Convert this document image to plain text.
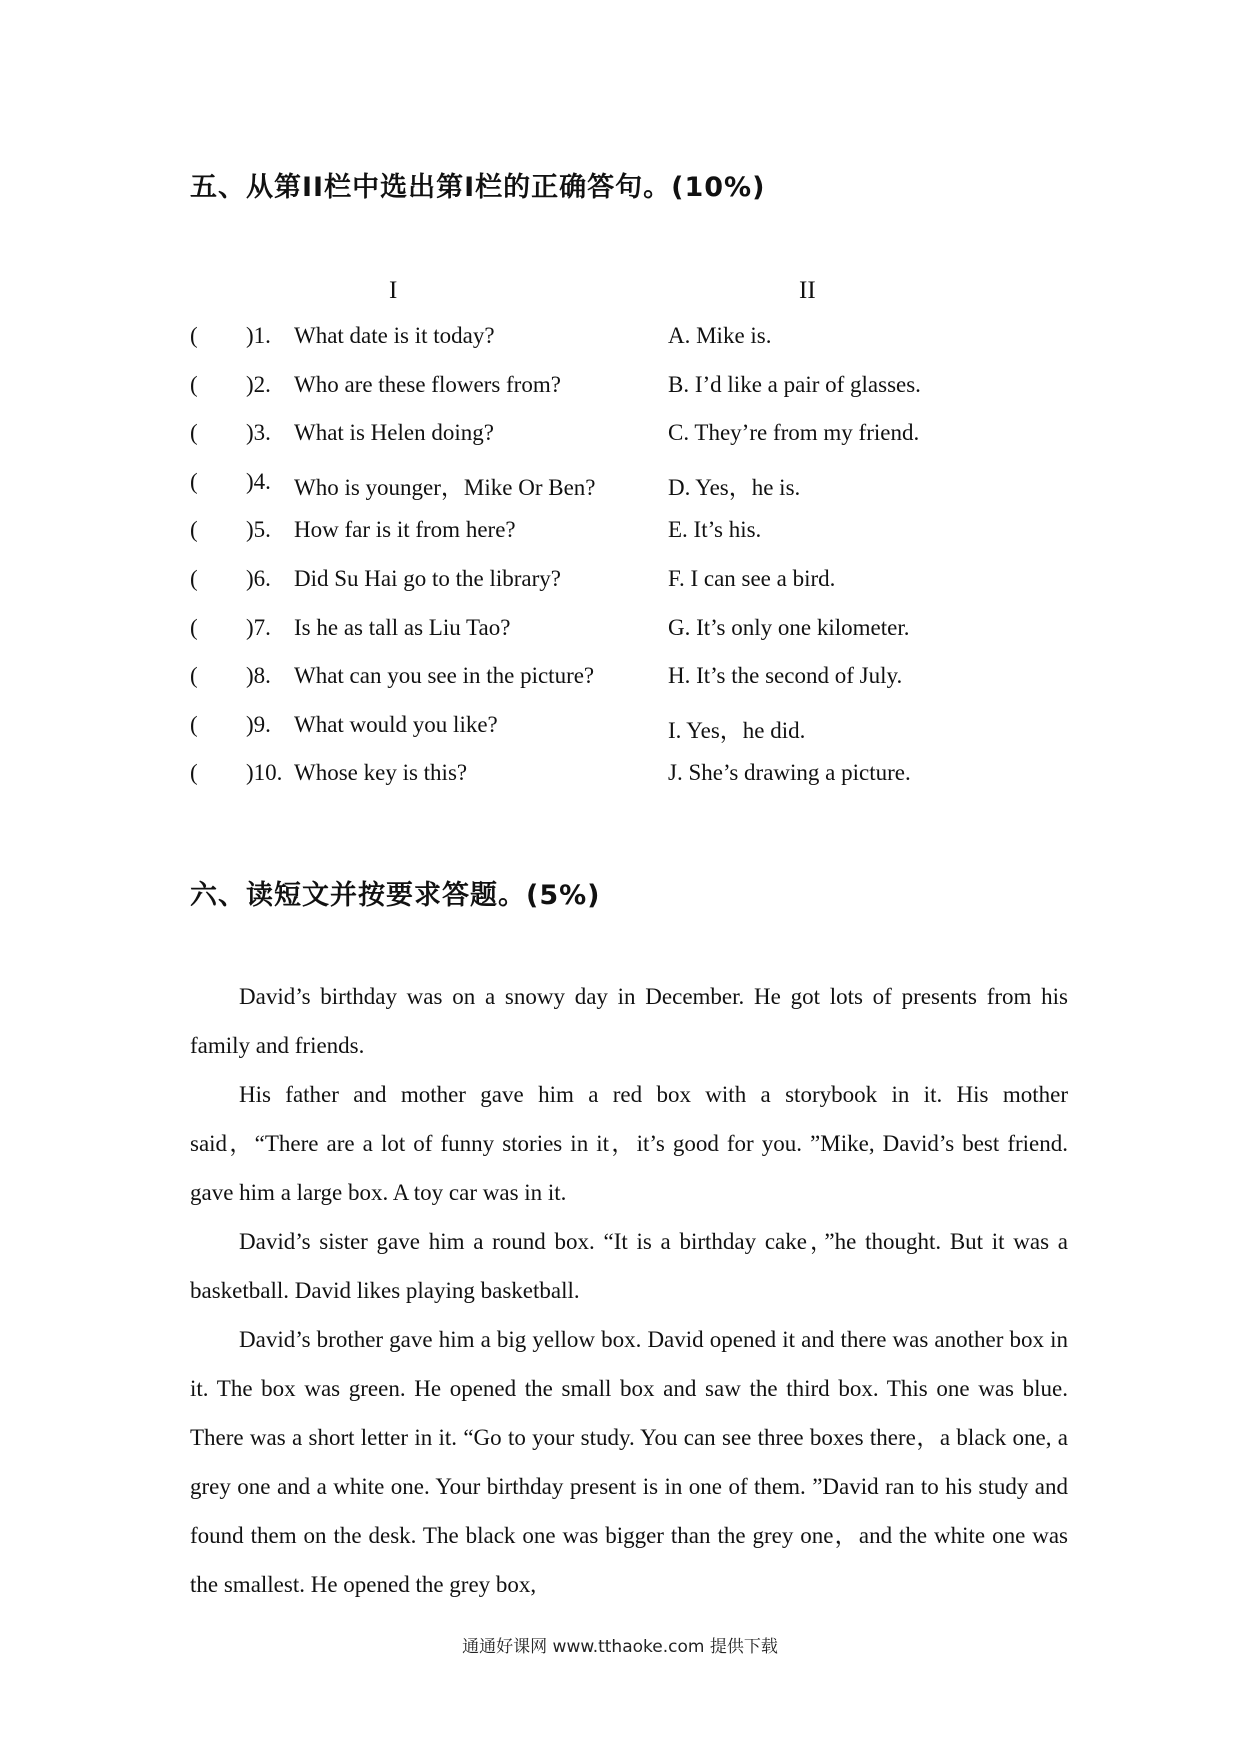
五、从第II栏中选出第I栏的正确答句。(10%)
I	II
( )1. What date is it today?	A. Mike is.
( )2. Who are these flowers from?	B. I’d like a pair of glasses.
( )3. What is Helen doing?	C. They’re from my friend.
( )4. Who is younger，Mike Or Ben?	D. Yes，he is.
( )5. How far is it from here?	E. It’s his.
( )6. Did Su Hai go to the library?	F. I can see a bird.
( )7. Is he as tall as Liu Tao?	G. It’s only one kilometer.
( )8. What can you see in the picture?	H. It’s the second of July.
( )9. What would you like?	I. Yes，he did.
( )10. Whose key is this?	J. She’s drawing a picture.
六、读短文并按要求答题。(5%)

David’s birthday was on a snowy day in December. He got lots of presents from his family and friends.

His father and mother gave him a red box with a storybook in it. His mother said，“There are a lot of funny stories in it，it’s good for you. ”Mike, David’s best friend. gave him a large box. A toy car was in it.

David’s sister gave him a round box. “It is a birthday cake，”he thought. But it was a basketball. David likes playing basketball.

David’s brother gave him a big yellow box. David opened it and there was another box in it. The box was green. He opened the small box and saw the third box. This one was blue. There was a short letter in it. “Go to your study. You can see three boxes there，a black one, a grey one and a white one. Your birthday present is in one of them. ”David ran to his study and found them on the desk. The black one was bigger than the grey one，and the white one was the smallest. He opened the grey box,

通通好课网 www.tthaoke.com 提供下载
